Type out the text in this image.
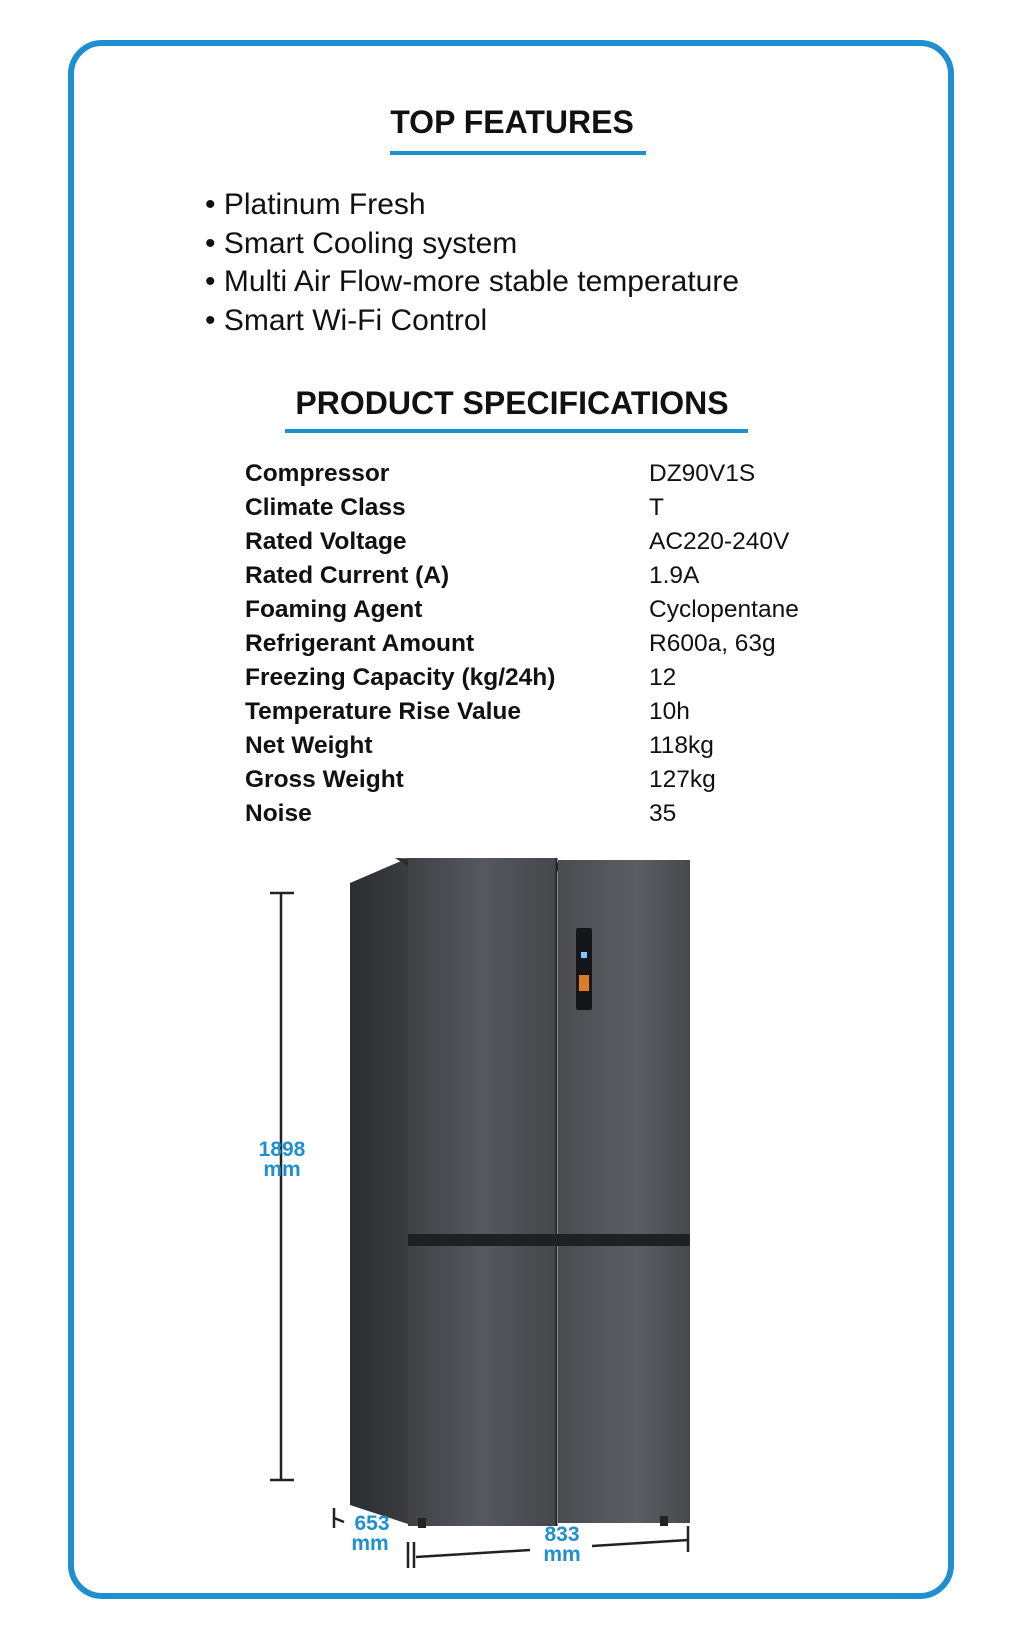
TOP FEATURES
• Platinum Fresh
• Smart Cooling system
• Multi Air Flow-more stable temperature
• Smart Wi-Fi Control
PRODUCT SPECIFICATIONS
Compressor	DZ90V1S
Climate Class	T
Rated Voltage	AC220-240V
Rated Current (A)	1.9A
Foaming Agent	Cyclopentane
Refrigerant Amount	R600a, 63g
Freezing Capacity (kg/24h)	12
Temperature Rise Value	10h
Net Weight	118kg
Gross Weight	127kg
Noise	35
1898
mm
653
mm	833
mm
